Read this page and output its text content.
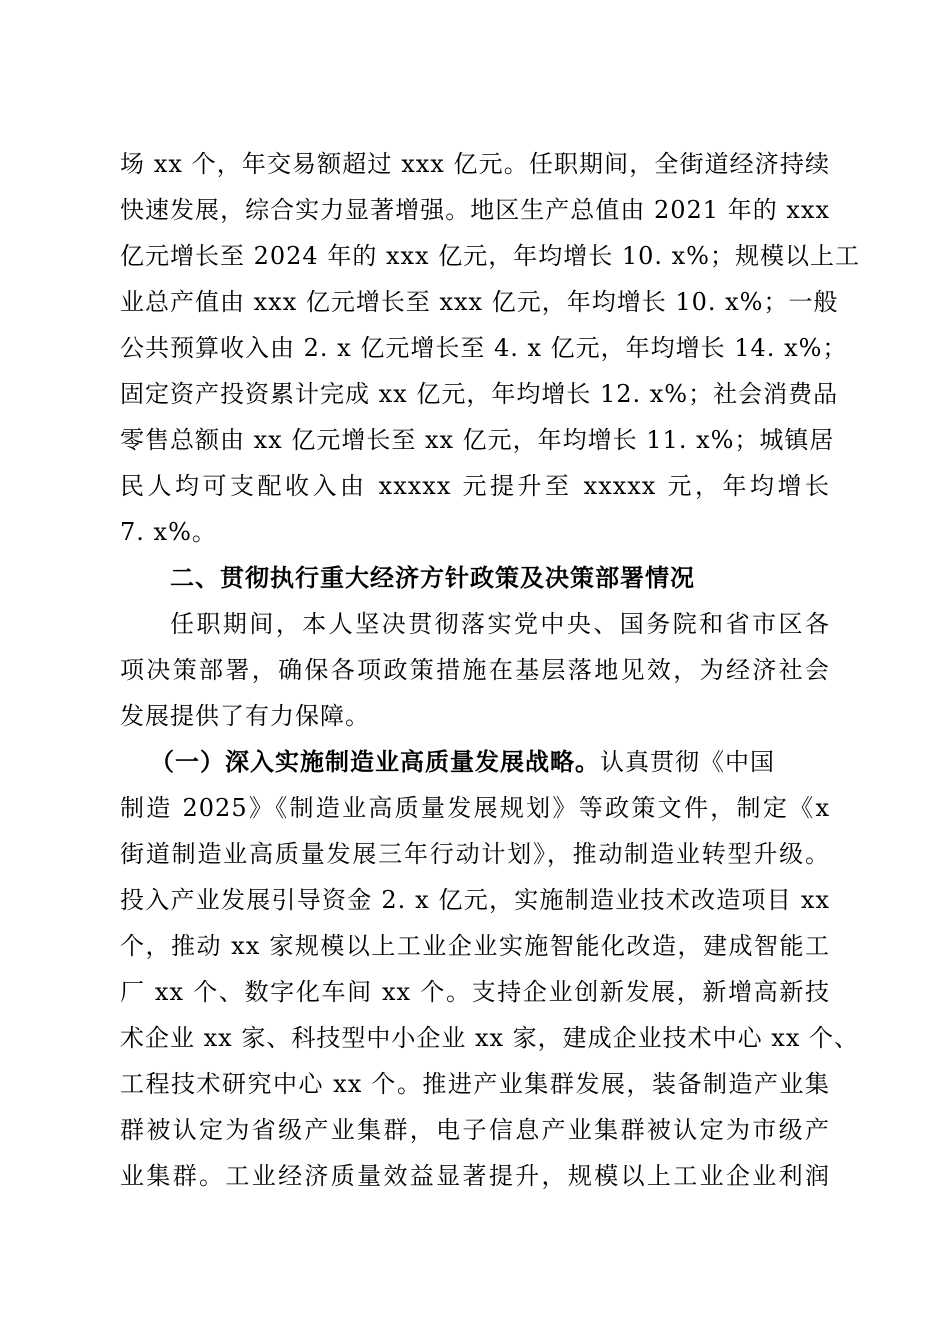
场 xx 个，年交易额超过 xxx 亿元。任职期间，全街道经济持续
快速发展，综合实力显著增强。地区生产总值由 2021 年的 xxx
亿元增长至 2024 年的 xxx 亿元，年均增长 10. x%；规模以上工
业总产值由 xxx 亿元增长至 xxx 亿元，年均增长 10. x%；一般
公共预算收入由 2. x 亿元增长至 4. x 亿元，年均增长 14. x%；
固定资产投资累计完成 xx 亿元，年均增长 12. x%；社会消费品
零售总额由 xx 亿元增长至 xx 亿元，年均增长 11. x%；城镇居
民人均可支配收入由 xxxxx 元提升至 xxxxx 元，年均增长
7. x%。
二、贯彻执行重大经济方针政策及决策部署情况
任职期间，本人坚决贯彻落实党中央、国务院和省市区各
项决策部署，确保各项政策措施在基层落地见效，为经济社会
发展提供了有力保障。
（一）深入实施制造业高质量发展战略。认真贯彻《中国
制造 2025》《制造业高质量发展规划》等政策文件，制定《x
街道制造业高质量发展三年行动计划》，推动制造业转型升级。
投入产业发展引导资金 2. x 亿元，实施制造业技术改造项目 xx
个，推动 xx 家规模以上工业企业实施智能化改造，建成智能工
厂 xx 个、数字化车间 xx 个。支持企业创新发展，新增高新技
术企业 xx 家、科技型中小企业 xx 家，建成企业技术中心 xx 个、
工程技术研究中心 xx 个。推进产业集群发展，装备制造产业集
群被认定为省级产业集群，电子信息产业集群被认定为市级产
业集群。工业经济质量效益显著提升，规模以上工业企业利润
